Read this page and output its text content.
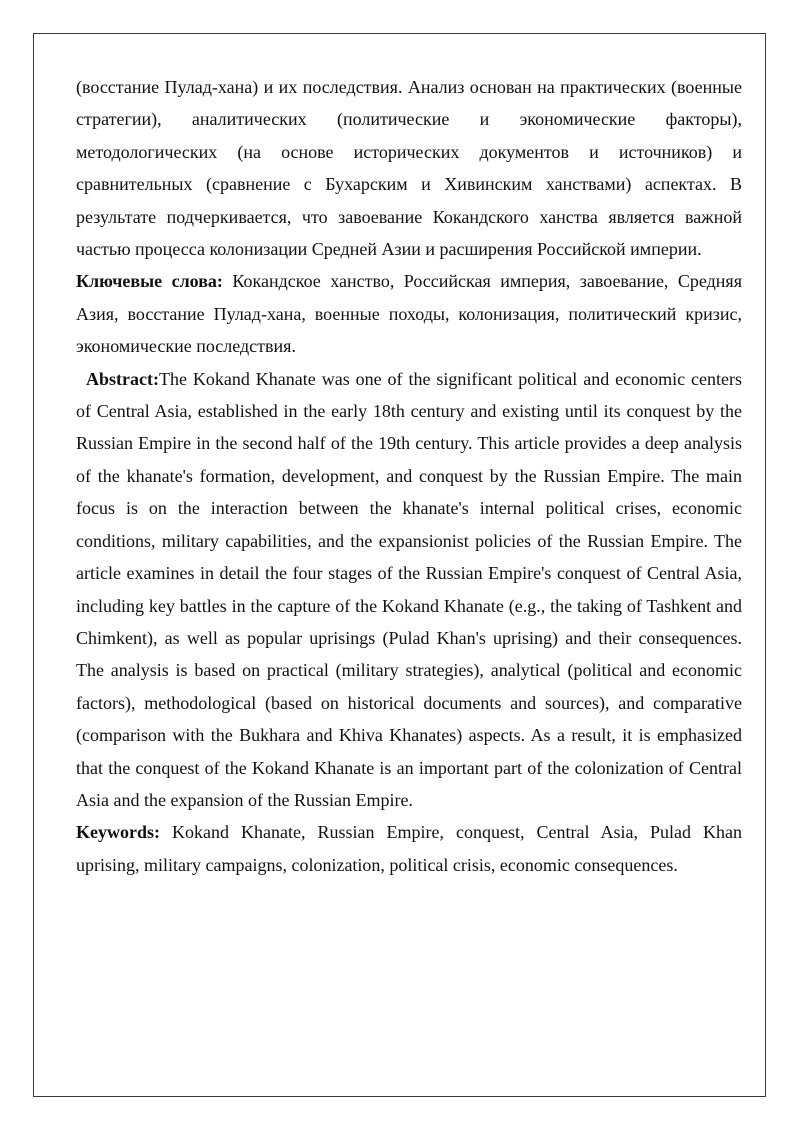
(восстание Пулад-хана) и их последствия. Анализ основан на практических (военные стратегии), аналитических (политические и экономические факторы), методологических (на основе исторических документов и источников) и сравнительных (сравнение с Бухарским и Хивинским ханствами) аспектах. В результате подчеркивается, что завоевание Кокандского ханства является важной частью процесса колонизации Средней Азии и расширения Российской империи.

Ключевые слова: Кокандское ханство, Российская империя, завоевание, Средняя Азия, восстание Пулад-хана, военные походы, колонизация, политический кризис, экономические последствия.

Abstract:The Kokand Khanate was one of the significant political and economic centers of Central Asia, established in the early 18th century and existing until its conquest by the Russian Empire in the second half of the 19th century. This article provides a deep analysis of the khanate's formation, development, and conquest by the Russian Empire. The main focus is on the interaction between the khanate's internal political crises, economic conditions, military capabilities, and the expansionist policies of the Russian Empire. The article examines in detail the four stages of the Russian Empire's conquest of Central Asia, including key battles in the capture of the Kokand Khanate (e.g., the taking of Tashkent and Chimkent), as well as popular uprisings (Pulad Khan's uprising) and their consequences. The analysis is based on practical (military strategies), analytical (political and economic factors), methodological (based on historical documents and sources), and comparative (comparison with the Bukhara and Khiva Khanates) aspects. As a result, it is emphasized that the conquest of the Kokand Khanate is an important part of the colonization of Central Asia and the expansion of the Russian Empire.

Keywords: Kokand Khanate, Russian Empire, conquest, Central Asia, Pulad Khan uprising, military campaigns, colonization, political crisis, economic consequences.
